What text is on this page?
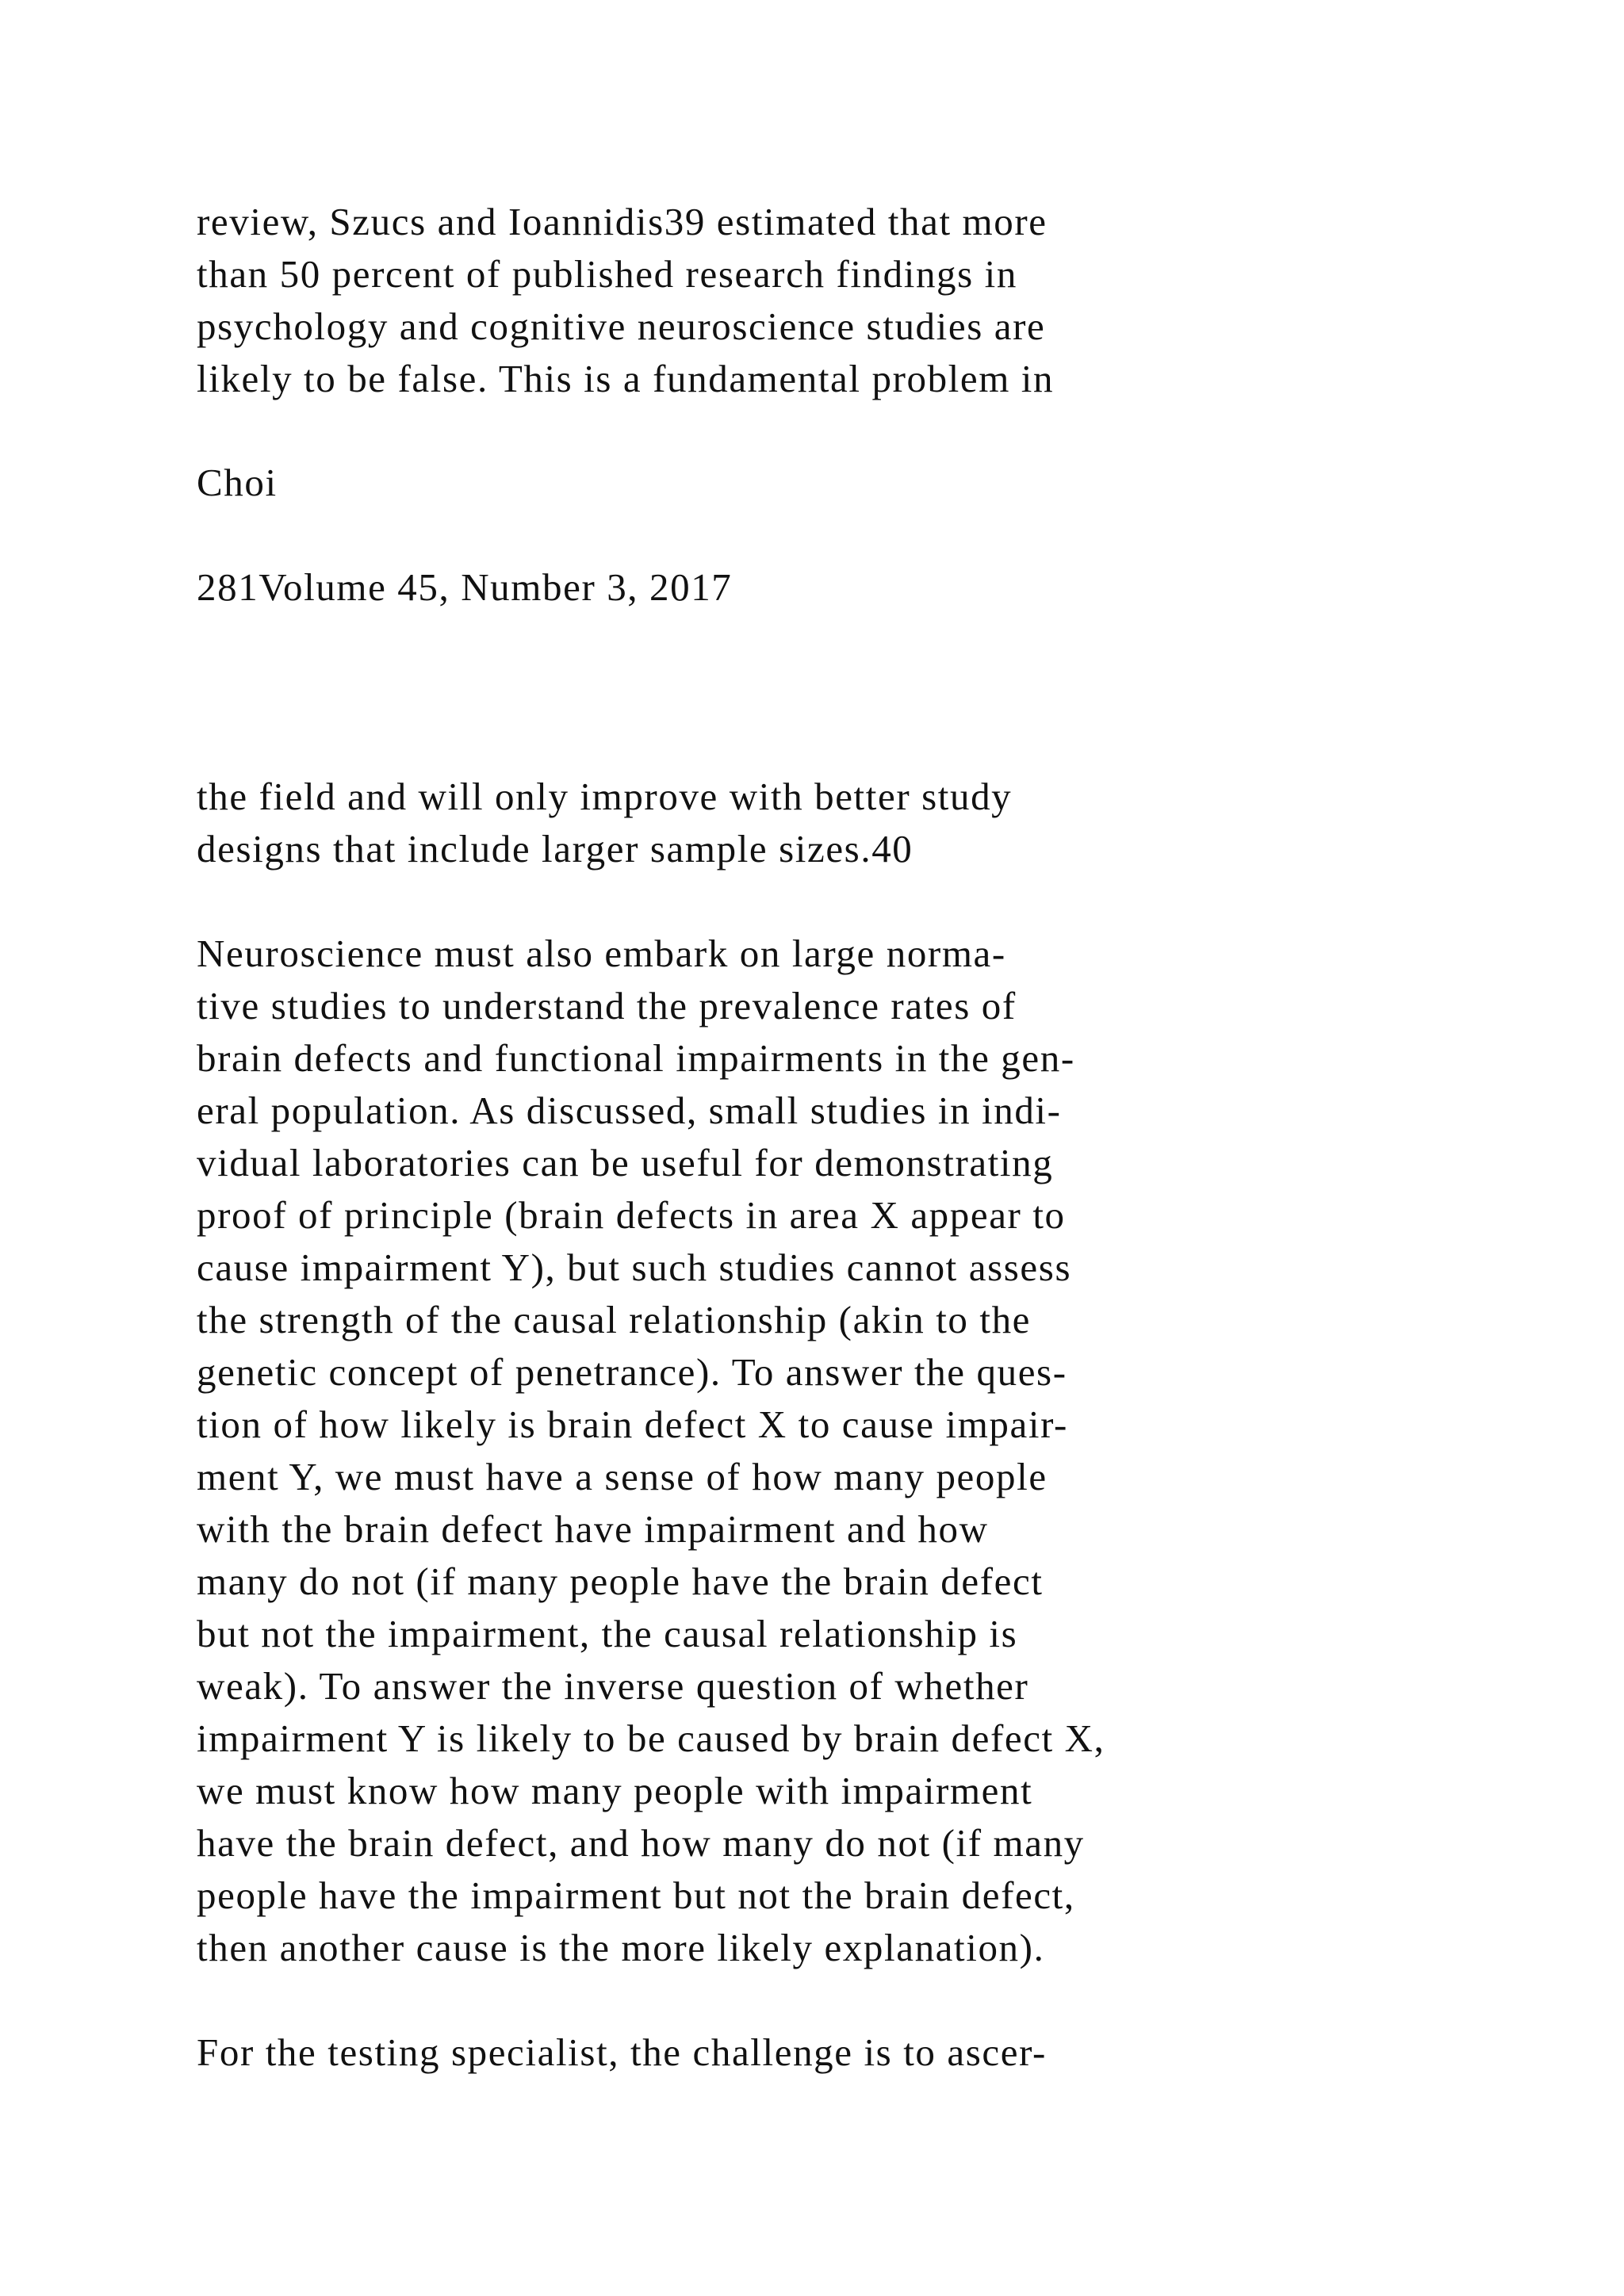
review, Szucs and Ioannidis39 estimated that more

than 50 percent of published research findings in

psychology and cognitive neuroscience studies are

likely to be false. This is a fundamental problem in

Choi

281Volume 45, Number 3, 2017

the field and will only improve with better study

designs that include larger sample sizes.40

Neuroscience must also embark on large norma-

tive studies to understand the prevalence rates of

brain defects and functional impairments in the gen-

eral population. As discussed, small studies in indi-

vidual laboratories can be useful for demonstrating

proof of principle (brain defects in area X appear to

cause impairment Y), but such studies cannot assess

the strength of the causal relationship (akin to the

genetic concept of penetrance). To answer the ques-

tion of how likely is brain defect X to cause impair-

ment Y, we must have a sense of how many people

with the brain defect have impairment and how

many do not (if many people have the brain defect

but not the impairment, the causal relationship is

weak). To answer the inverse question of whether

impairment Y is likely to be caused by brain defect X,

we must know how many people with impairment

have the brain defect, and how many do not (if many

people have the impairment but not the brain defect,

then another cause is the more likely explanation).

For the testing specialist, the challenge is to ascer-
